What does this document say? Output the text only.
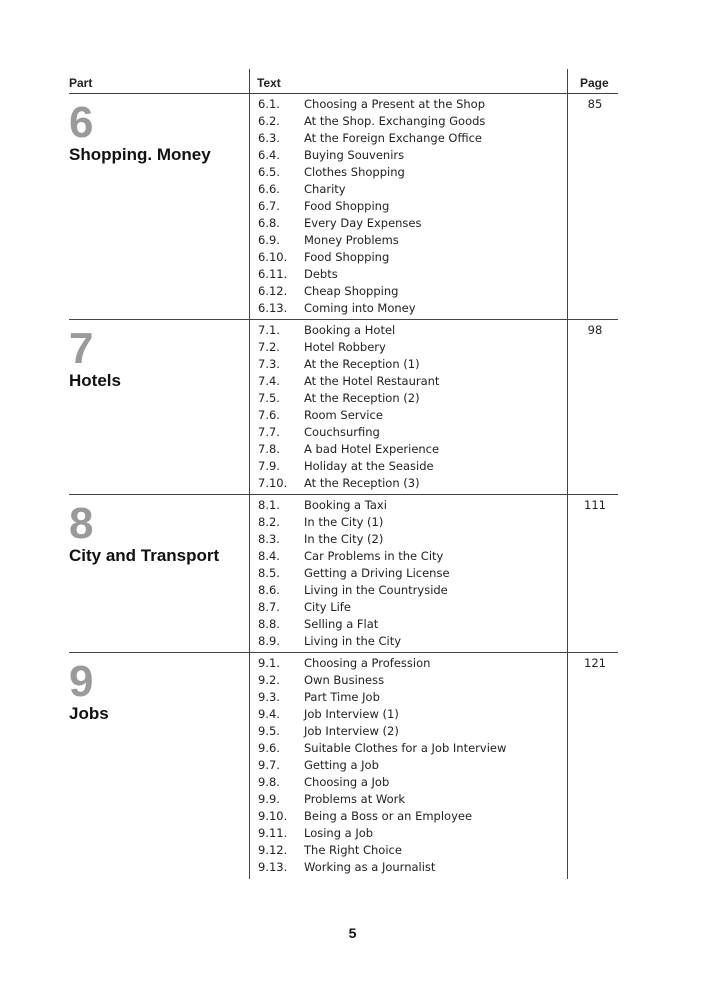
Part	Text	Page
6
Shopping. Money
85
6.1. Choosing a Present at the Shop
6.2. At the Shop. Exchanging Goods
6.3. At the Foreign Exchange Office
6.4. Buying Souvenirs
6.5. Clothes Shopping
6.6. Charity
6.7. Food Shopping
6.8. Every Day Expenses
6.9. Money Problems
6.10. Food Shopping
6.11. Debts
6.12. Cheap Shopping
6.13. Coming into Money
7
Hotels
98
7.1. Booking a Hotel
7.2. Hotel Robbery
7.3. At the Reception (1)
7.4. At the Hotel Restaurant
7.5. At the Reception (2)
7.6. Room Service
7.7. Couchsurfing
7.8. A bad Hotel Experience
7.9. Holiday at the Seaside
7.10. At the Reception (3)
8
City and Transport
111
8.1. Booking a Taxi
8.2. In the City (1)
8.3. In the City (2)
8.4. Car Problems in the City
8.5. Getting a Driving License
8.6. Living in the Countryside
8.7. City Life
8.8. Selling a Flat
8.9. Living in the City
9
Jobs
121
9.1. Choosing a Profession
9.2. Own Business
9.3. Part Time Job
9.4. Job Interview (1)
9.5. Job Interview (2)
9.6. Suitable Clothes for a Job Interview
9.7. Getting a Job
9.8. Choosing a Job
9.9. Problems at Work
9.10. Being a Boss or an Employee
9.11. Losing a Job
9.12. The Right Choice
9.13. Working as a Journalist
5
